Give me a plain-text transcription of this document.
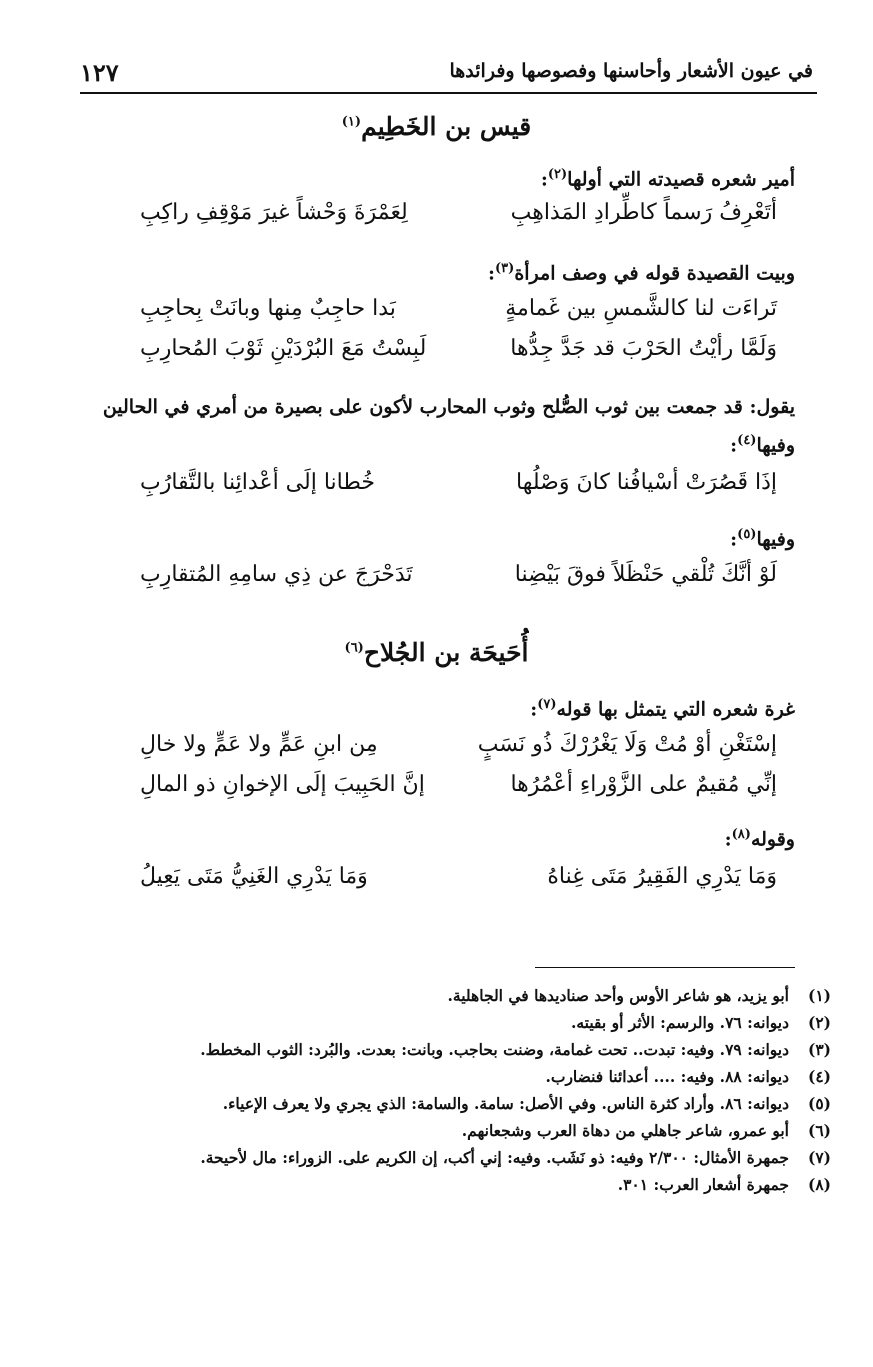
في عيون الأشعار وأحاسنها وفصوصها وفرائدها
١٢٧
قيس بن الخَطِيم$^{(١)}$
أمير شعره قصيدته التي أولها$^{(٢)}$:
أتَعْرِفُ رَسماً كاطِّرادِ المَذاهِبِ
لِعَمْرَةَ وَحْشاً غيرَ مَوْقِفِ راكِبِ
وبيت القصيدة قوله في وصف امرأة$^{(٣)}$:
تَراءَت لنا كالشَّمسِ بين غَمامةٍ
بَدا حاجِبٌ مِنها وبانَتْ بِحاجِبِ
وَلَمَّا رأيْتُ الحَرْبَ قد جَدَّ جِدُّها
لَبِسْتُ مَعَ البُرْدَيْنِ ثَوْبَ المُحارِبِ
يقول: قد جمعت بين ثوب الصُّلح وثوب المحارب لأكون على بصيرة من أمري في الحالين وفيها$^{(٤)}$:
إذَا قَصُرَتْ أسْيافُنا كانَ وَصْلُها
خُطانا إلَى أعْدائِنا بالتَّقارُبِ
وفيها$^{(٥)}$:
لَوْ أنَّكَ تُلْقي حَنْظَلاً فوقَ بَيْضِنا
تَدَحْرَجَ عن ذِي سامِهِ المُتقارِبِ
أُحَيحَة بن الجُلاح$^{(٦)}$
غرة شعره التي يتمثل بها قوله$^{(٧)}$:
إسْتَغْنِ أوْ مُتْ وَلَا يَغْرُرْكَ ذُو نَسَبٍ
مِن ابنِ عَمٍّ ولا عَمٍّ ولا خالِ
إنِّي مُقيمٌ على الزَّوْراءِ أعْمُرُها
إنَّ الحَبِيبَ إلَى الإخوانِ ذو المالِ
وقوله$^{(٨)}$:
وَمَا يَدْرِي الفَقِيرُ مَتَى غِناهُ
وَمَا يَدْرِي الغَنِيُّ مَتَى يَعِيلُ
(١)
أبو يزيد، هو شاعر الأوس وأحد صناديدها في الجاهلية.
(٢)
ديوانه: ٧٦. والرسم: الأثر أو بقيته.
(٣)
ديوانه: ٧٩. وفيه: تبدت.. تحت غمامة، وضنت بحاجب. وبانت: بعدت. والبُرد: الثوب المخطط.
(٤)
ديوانه: ٨٨. وفيه: .... أعدائنا فنضارب.
(٥)
ديوانه: ٨٦. وأراد كثرة الناس. وفي الأصل: سامة. والسامة: الذي يجري ولا يعرف الإعياء.
(٦)
أبو عمرو، شاعر جاهلي من دهاة العرب وشجعانهم.
(٧)
جمهرة الأمثال: ٢/٣٠٠ وفيه: ذو نَشَب. وفيه: إني أكب، إن الكريم على. الزوراء: مال لأحيحة.
(٨)
جمهرة أشعار العرب: ٣٠١.
